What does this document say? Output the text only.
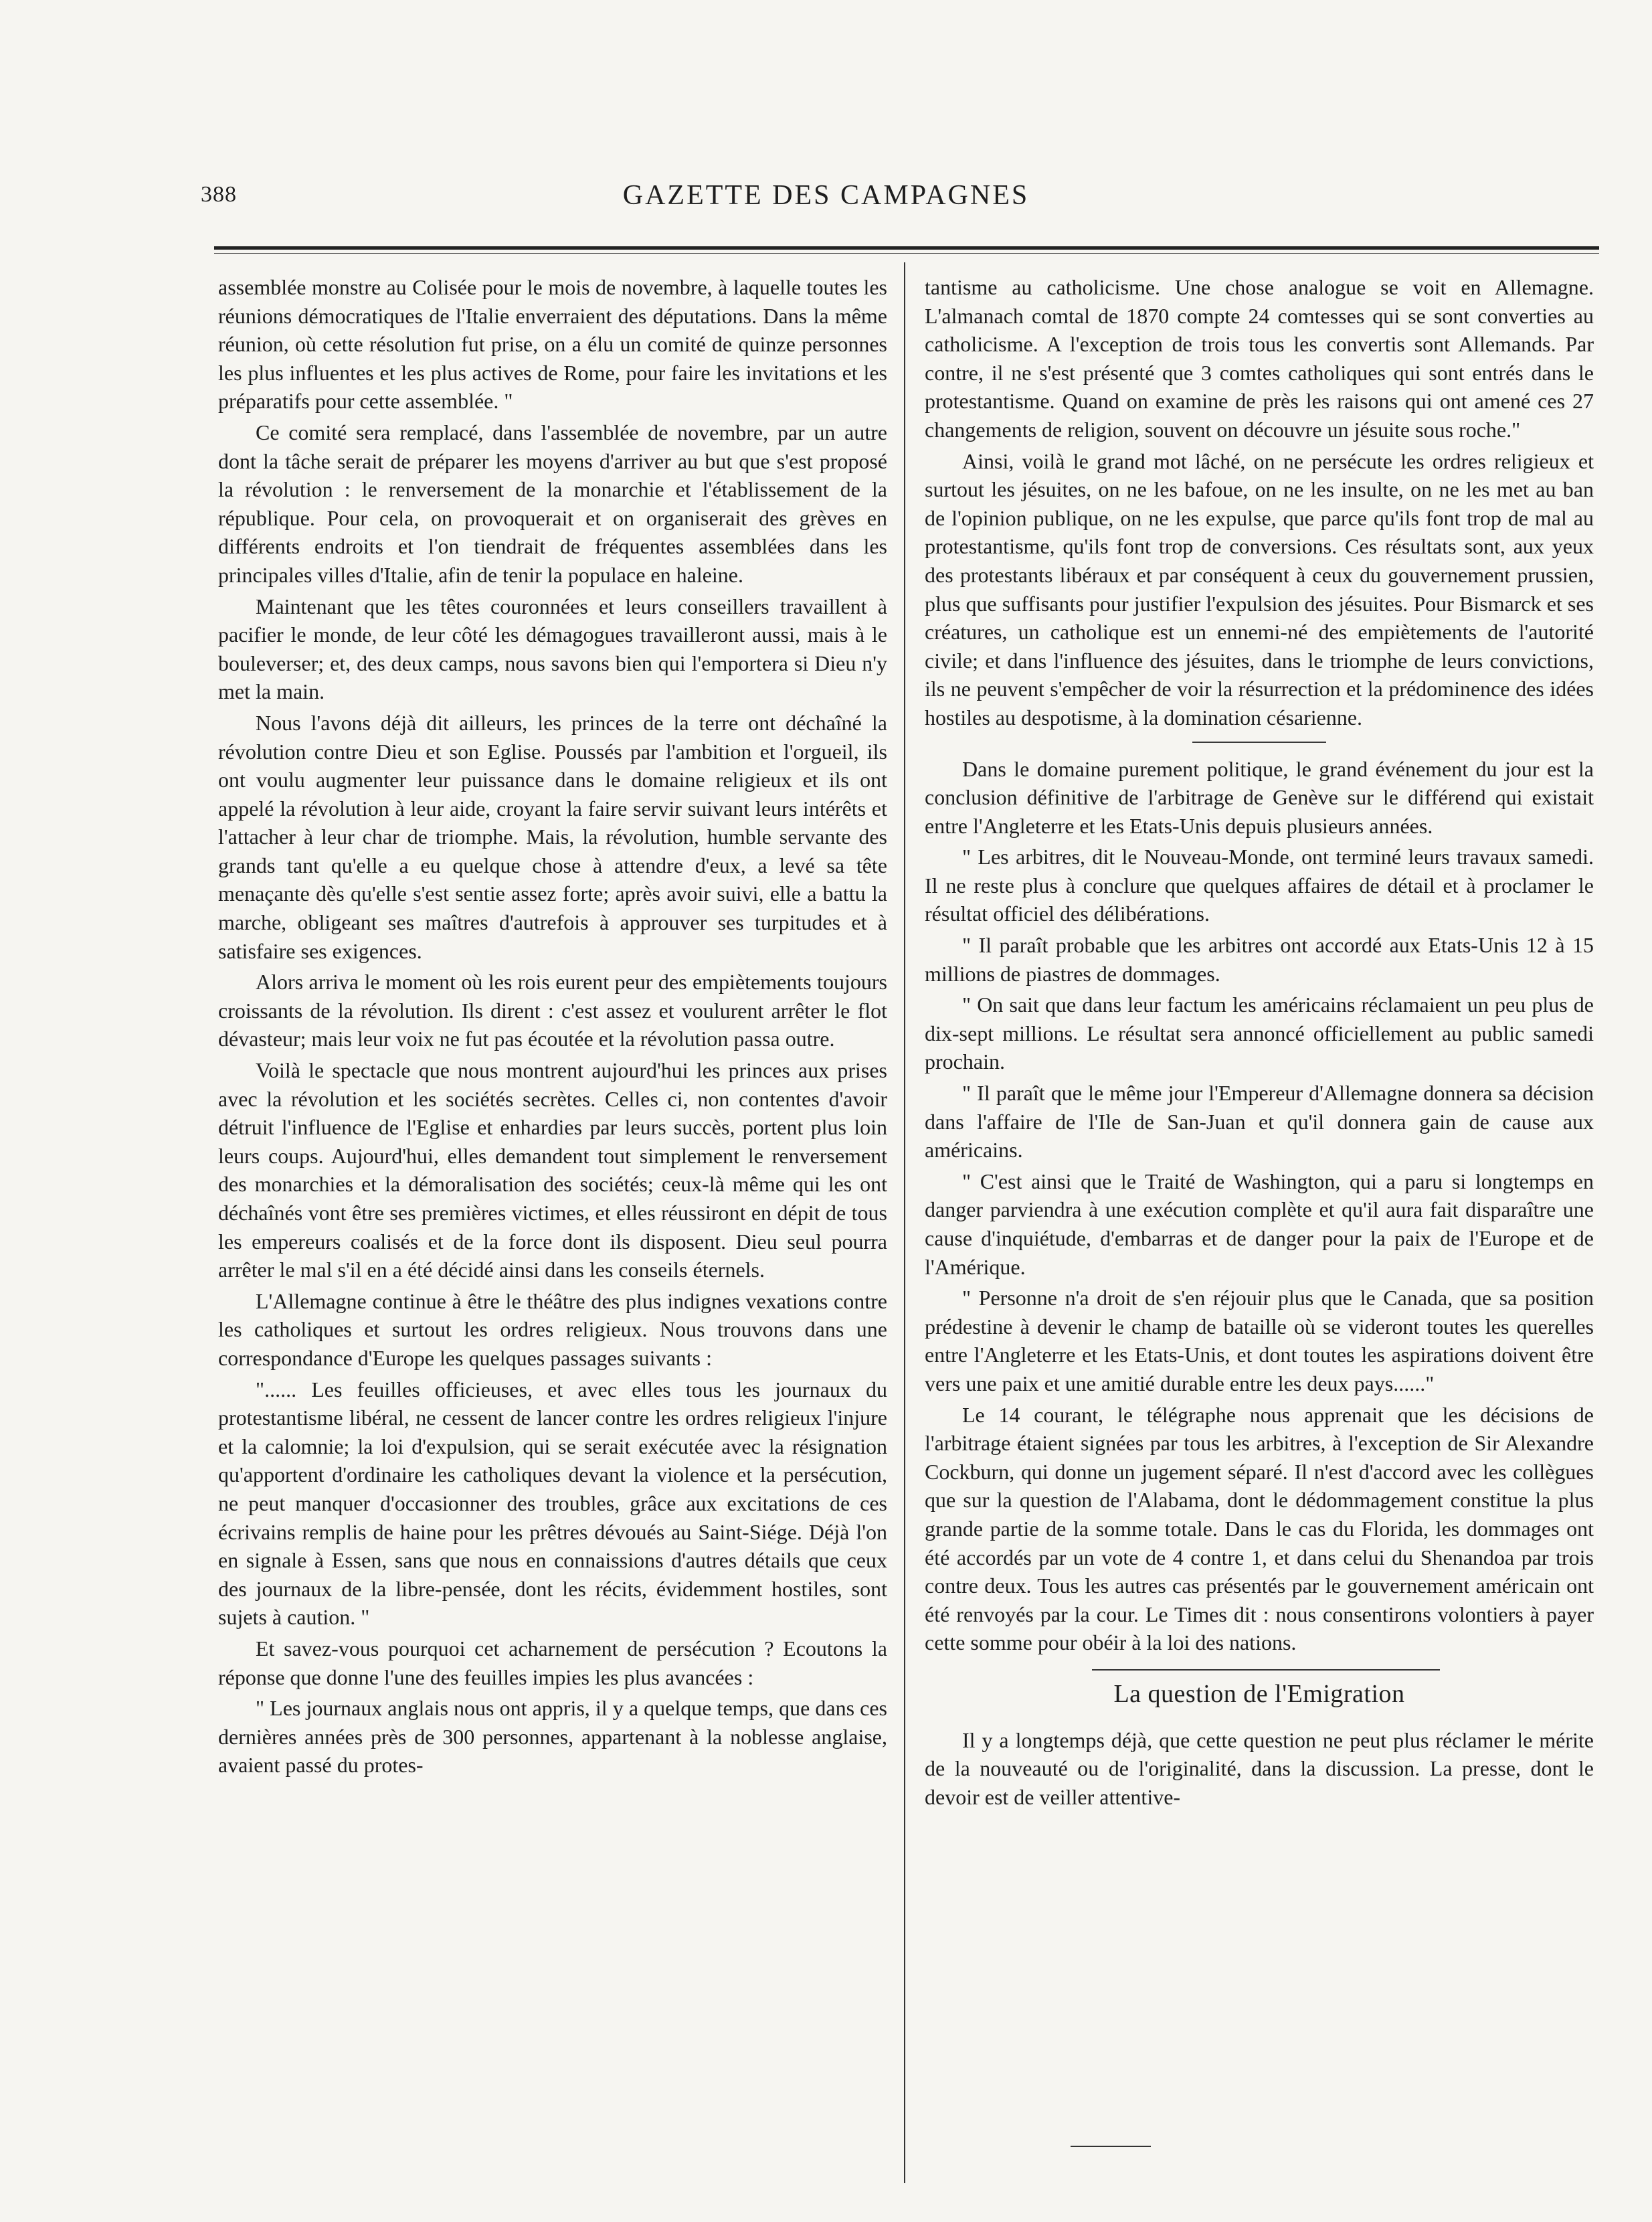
388	GAZETTE DES CAMPAGNES

assemblée monstre au Colisée pour le mois de novembre, à laquelle toutes les réunions démocratiques de l'Italie enverraient des députations. Dans la même réunion, où cette résolution fut prise, on a élu un comité de quinze personnes les plus influentes et les plus actives de Rome, pour faire les invitations et les préparatifs pour cette assemblée. "

Ce comité sera remplacé, dans l'assemblée de novembre, par un autre dont la tâche serait de préparer les moyens d'arriver au but que s'est proposé la révolution : le renversement de la monarchie et l'établissement de la république. Pour cela, on provoquerait et on organiserait des grèves en différents endroits et l'on tiendrait de fréquentes assemblées dans les principales villes d'Italie, afin de tenir la populace en haleine.

Maintenant que les têtes couronnées et leurs conseillers travaillent à pacifier le monde, de leur côté les démagogues travailleront aussi, mais à le bouleverser; et, des deux camps, nous savons bien qui l'emportera si Dieu n'y met la main.

Nous l'avons déjà dit ailleurs, les princes de la terre ont déchaîné la révolution contre Dieu et son Eglise. Poussés par l'ambition et l'orgueil, ils ont voulu augmenter leur puissance dans le domaine religieux et ils ont appelé la révolution à leur aide, croyant la faire servir suivant leurs intérêts et l'attacher à leur char de triomphe. Mais, la révolution, humble servante des grands tant qu'elle a eu quelque chose à attendre d'eux, a levé sa tête menaçante dès qu'elle s'est sentie assez forte; après avoir suivi, elle a battu la marche, obligeant ses maîtres d'autrefois à approuver ses turpitudes et à satisfaire ses exigences.

Alors arriva le moment où les rois eurent peur des empiètements toujours croissants de la révolution. Ils dirent : c'est assez et voulurent arrêter le flot dévasteur; mais leur voix ne fut pas écoutée et la révolution passa outre.

Voilà le spectacle que nous montrent aujourd'hui les princes aux prises avec la révolution et les sociétés secrètes. Celles ci, non contentes d'avoir détruit l'influence de l'Eglise et enhardies par leurs succès, portent plus loin leurs coups. Aujourd'hui, elles demandent tout simplement le renversement des monarchies et la démoralisation des sociétés; ceux-là même qui les ont déchaînés vont être ses premières victimes, et elles réussiront en dépit de tous les empereurs coalisés et de la force dont ils disposent. Dieu seul pourra arrêter le mal s'il en a été décidé ainsi dans les conseils éternels.

L'Allemagne continue à être le théâtre des plus indignes vexations contre les catholiques et surtout les ordres religieux. Nous trouvons dans une correspondance d'Europe les quelques passages suivants :

"...... Les feuilles officieuses, et avec elles tous les journaux du protestantisme libéral, ne cessent de lancer contre les ordres religieux l'injure et la calomnie; la loi d'expulsion, qui se serait exécutée avec la résignation qu'apportent d'ordinaire les catholiques devant la violence et la persécution, ne peut manquer d'occasionner des troubles, grâce aux excitations de ces écrivains remplis de haine pour les prêtres dévoués au Saint-Siége. Déjà l'on en signale à Essen, sans que nous en connaissions d'autres détails que ceux des journaux de la libre-pensée, dont les récits, évidemment hostiles, sont sujets à caution. "

Et savez-vous pourquoi cet acharnement de persécution ? Ecoutons la réponse que donne l'une des feuilles impies les plus avancées :

" Les journaux anglais nous ont appris, il y a quelque temps, que dans ces dernières années près de 300 personnes, appartenant à la noblesse anglaise, avaient passé du protes-

tantisme au catholicisme. Une chose analogue se voit en Allemagne. L'almanach comtal de 1870 compte 24 comtesses qui se sont converties au catholicisme. A l'exception de trois tous les convertis sont Allemands. Par contre, il ne s'est présenté que 3 comtes catholiques qui sont entrés dans le protestantisme. Quand on examine de près les raisons qui ont amené ces 27 changements de religion, souvent on découvre un jésuite sous roche."

Ainsi, voilà le grand mot lâché, on ne persécute les ordres religieux et surtout les jésuites, on ne les bafoue, on ne les insulte, on ne les met au ban de l'opinion publique, on ne les expulse, que parce qu'ils font trop de mal au protestantisme, qu'ils font trop de conversions. Ces résultats sont, aux yeux des protestants libéraux et par conséquent à ceux du gouvernement prussien, plus que suffisants pour justifier l'expulsion des jésuites. Pour Bismarck et ses créatures, un catholique est un ennemi-né des empiètements de l'autorité civile; et dans l'influence des jésuites, dans le triomphe de leurs convictions, ils ne peuvent s'empêcher de voir la résurrection et la prédominence des idées hostiles au despotisme, à la domination césarienne.

Dans le domaine purement politique, le grand événement du jour est la conclusion définitive de l'arbitrage de Genève sur le différend qui existait entre l'Angleterre et les Etats-Unis depuis plusieurs années.

" Les arbitres, dit le Nouveau-Monde, ont terminé leurs travaux samedi. Il ne reste plus à conclure que quelques affaires de détail et à proclamer le résultat officiel des délibérations.

" Il paraît probable que les arbitres ont accordé aux Etats-Unis 12 à 15 millions de piastres de dommages.

" On sait que dans leur factum les américains réclamaient un peu plus de dix-sept millions. Le résultat sera annoncé officiellement au public samedi prochain.

" Il paraît que le même jour l'Empereur d'Allemagne donnera sa décision dans l'affaire de l'Ile de San-Juan et qu'il donnera gain de cause aux américains.

" C'est ainsi que le Traité de Washington, qui a paru si longtemps en danger parviendra à une exécution complète et qu'il aura fait disparaître une cause d'inquiétude, d'embarras et de danger pour la paix de l'Europe et de l'Amérique.

" Personne n'a droit de s'en réjouir plus que le Canada, que sa position prédestine à devenir le champ de bataille où se videront toutes les querelles entre l'Angleterre et les Etats-Unis, et dont toutes les aspirations doivent être vers une paix et une amitié durable entre les deux pays......"

Le 14 courant, le télégraphe nous apprenait que les décisions de l'arbitrage étaient signées par tous les arbitres, à l'exception de Sir Alexandre Cockburn, qui donne un jugement séparé. Il n'est d'accord avec les collègues que sur la question de l'Alabama, dont le dédommagement constitue la plus grande partie de la somme totale. Dans le cas du Florida, les dommages ont été accordés par un vote de 4 contre 1, et dans celui du Shenandoa par trois contre deux. Tous les autres cas présentés par le gouvernement américain ont été renvoyés par la cour. Le Times dit : nous consentirons volontiers à payer cette somme pour obéir à la loi des nations.

La question de l'Emigration

Il y a longtemps déjà, que cette question ne peut plus réclamer le mérite de la nouveauté ou de l'originalité, dans la discussion. La presse, dont le devoir est de veiller attentive-
